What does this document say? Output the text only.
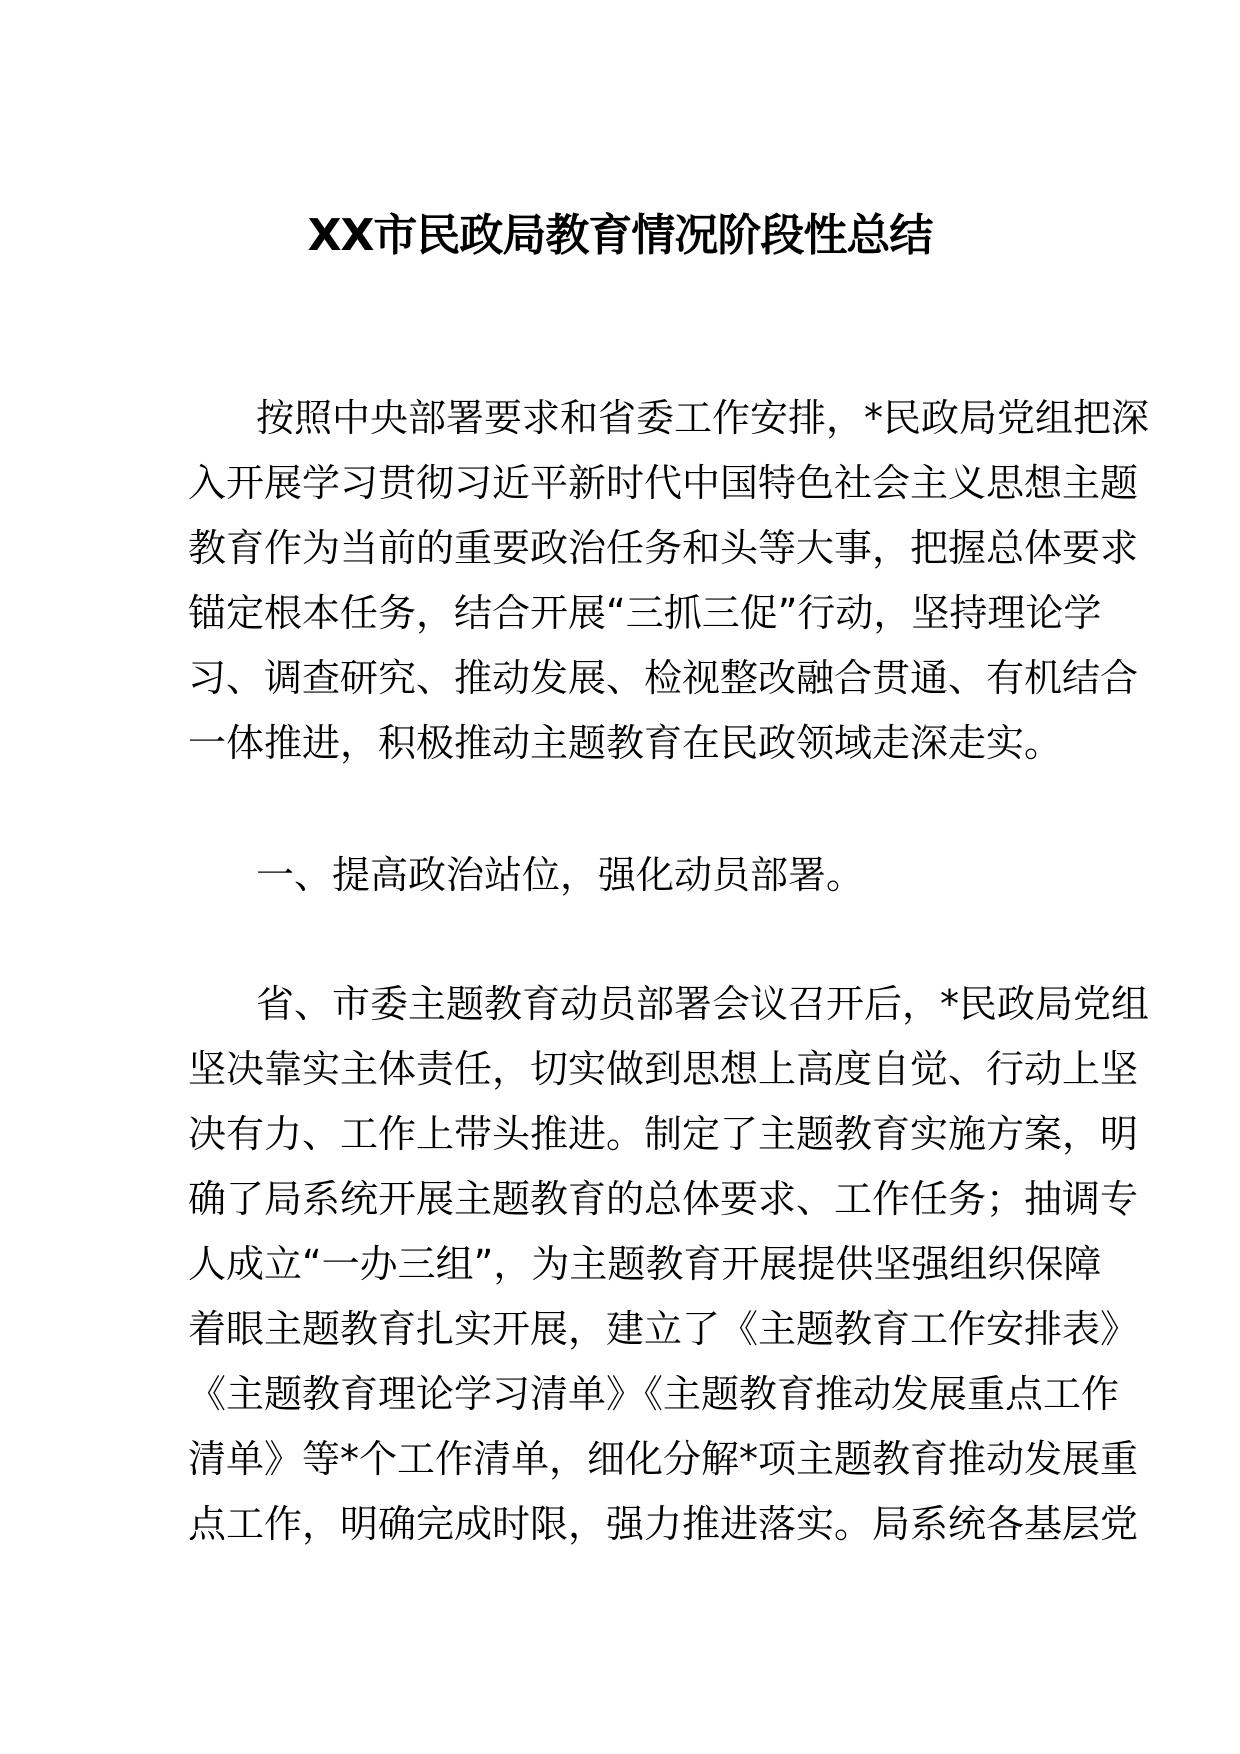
XX市民政局教育情况阶段性总结
按照中央部署要求和省委工作安排，*民政局党组把深
入开展学习贯彻习近平新时代中国特色社会主义思想主题
教育作为当前的重要政治任务和头等大事，把握总体要求
锚定根本任务，结合开展“三抓三促”行动，坚持理论学
习、调查研究、推动发展、检视整改融合贯通、有机结合
一体推进，积极推动主题教育在民政领域走深走实。
一、提高政治站位，强化动员部署。
省、市委主题教育动员部署会议召开后，*民政局党组
坚决靠实主体责任，切实做到思想上高度自觉、行动上坚
决有力、工作上带头推进。制定了主题教育实施方案，明
确了局系统开展主题教育的总体要求、工作任务；抽调专
人成立“一办三组”，为主题教育开展提供坚强组织保障
着眼主题教育扎实开展，建立了《主题教育工作安排表》
《主题教育理论学习清单》《主题教育推动发展重点工作
清单》等*个工作清单，细化分解*项主题教育推动发展重
点工作，明确完成时限，强力推进落实。局系统各基层党
